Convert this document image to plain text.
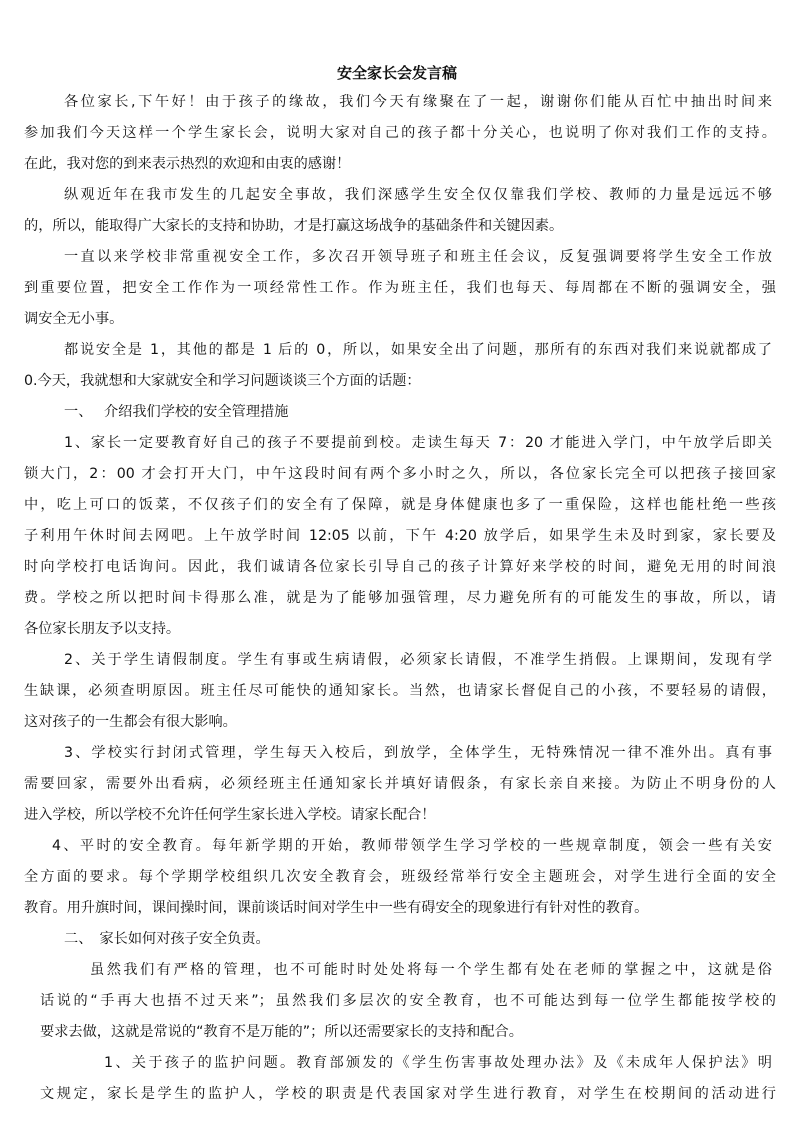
安全家长会发言稿

各位家长,下午好！由于孩子的缘故，我们今天有缘聚在了一起，谢谢你们能从百忙中抽出时间来

参加我们今天这样一个学生家长会，说明大家对自己的孩子都十分关心，也说明了你对我们工作的支持。

在此，我对您的到来表示热烈的欢迎和由衷的感谢！

纵观近年在我市发生的几起安全事故，我们深感学生安全仅仅靠我们学校、教师的力量是远远不够

的，所以，能取得广大家长的支持和协助，才是打赢这场战争的基础条件和关键因素。

一直以来学校非常重视安全工作，多次召开领导班子和班主任会议，反复强调要将学生安全工作放

到重要位置，把安全工作作为一项经常性工作。作为班主任，我们也每天、每周都在不断的强调安全，强

调安全无小事。

都说安全是 1，其他的都是 1 后的 0，所以，如果安全出了问题，那所有的东西对我们来说就都成了

0.今天，我就想和大家就安全和学习问题谈谈三个方面的话题：

一、　 介绍我们学校的安全管理措施

1、家长一定要教育好自己的孩子不要提前到校。走读生每天 7：20 才能进入学门，中午放学后即关

锁大门，2：00 才会打开大门，中午这段时间有两个多小时之久，所以，各位家长完全可以把孩子接回家

中，吃上可口的饭菜，不仅孩子们的安全有了保障，就是身体健康也多了一重保险，这样也能杜绝一些孩

子利用午休时间去网吧。上午放学时间 12:05 以前，下午 4:20 放学后，如果学生未及时到家，家长要及

时向学校打电话询问。因此，我们诚请各位家长引导自己的孩子计算好来学校的时间，避免无用的时间浪

费。学校之所以把时间卡得那么准，就是为了能够加强管理，尽力避免所有的可能发生的事故，所以，请

各位家长朋友予以支持。

2、关于学生请假制度。学生有事或生病请假，必须家长请假，不准学生捎假。上课期间，发现有学

生缺课，必须查明原因。班主任尽可能快的通知家长。当然，也请家长督促自己的小孩，不要轻易的请假，

这对孩子的一生都会有很大影响。

3、学校实行封闭式管理，学生每天入校后，到放学，全体学生，无特殊情况一律不准外出。真有事

需要回家，需要外出看病，必须经班主任通知家长并填好请假条，有家长亲自来接。为防止不明身份的人

进入学校，所以学校不允许任何学生家长进入学校。请家长配合！

4、平时的安全教育。每年新学期的开始，教师带领学生学习学校的一些规章制度，领会一些有关安

全方面的要求。每个学期学校组织几次安全教育会，班级经常举行安全主题班会，对学生进行全面的安全

教育。用升旗时间，课间操时间，课前谈话时间对学生中一些有碍安全的现象进行有针对性的教育。

二、　家长如何对孩子安全负责。

虽然我们有严格的管理，也不可能时时处处将每一个学生都有处在老师的掌握之中，这就是俗

话说的“手再大也捂不过天来”；虽然我们多层次的安全教育，也不可能达到每一位学生都能按学校的

要求去做，这就是常说的“教育不是万能的”；所以还需要家长的支持和配合。

1、关于孩子的监护问题。教育部颁发的《学生伤害事故处理办法》及《未成年人保护法》明

文规定，家长是学生的监护人，学校的职责是代表国家对学生进行教育，对学生在校期间的活动进行
